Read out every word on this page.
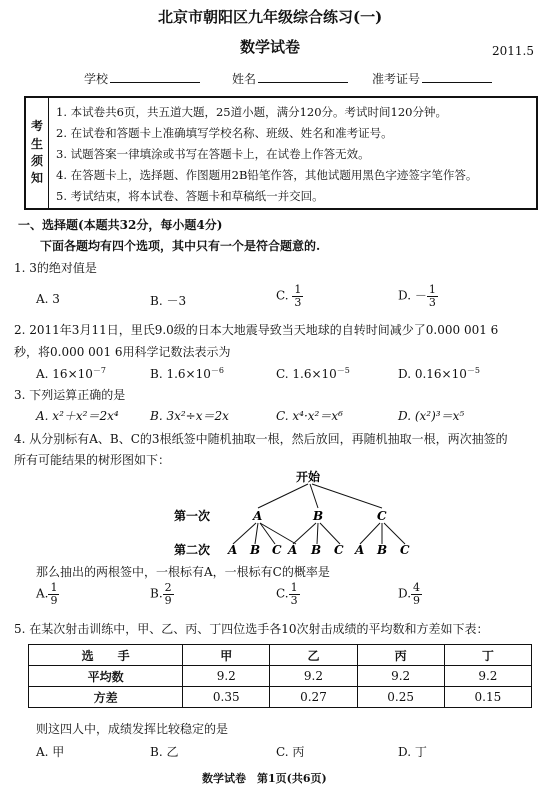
北京市朝阳区九年级综合练习(一)
数学试卷	2011.5
学校	姓名	准考证号
考
生
须
知
1. 本试卷共6页，共五道大题，25道小题，满分120分。考试时间120分钟。
2. 在试卷和答题卡上准确填写学校名称、班级、姓名和准考证号。
3. 试题答案一律填涂或书写在答题卡上，在试卷上作答无效。
4. 在答题卡上，选择题、作图题用2B铅笔作答，其他试题用黑色字迹签字笔作答。
5. 考试结束，将本试卷、答题卡和草稿纸一并交回。
一、选择题(本题共32分，每小题4分)
下面各题均有四个选项，其中只有一个是符合题意的.
1. 3的绝对值是
A. 3	B. －3	C. $\frac{1}{3}$	D. － $\frac{1}{3}$
2. 2011年3月11日，里氏9.0级的日本大地震导致当天地球的自转时间减少了0.000 001 6
秒，将0.000 001 6用科学记数法表示为
A. $16\times 10^{-7}$	B. $1.6\times 10^{-6}$	C. $1.6\times 10^{-5}$	D. $0.16\times 10^{-5}$
3. 下列运算正确的是
A. x²＋x²＝2x⁴	B. 3x²÷x＝2x	C. x⁴·x²＝x⁶	D. (x²)³＝x⁵
4. 从分别标有A、B、C的3根纸签中随机抽取一根，然后放回，再随机抽取一根，两次抽签的
所有可能结果的树形图如下：
开始
第一次
第二次
A	B	C
A B C A B C A B C
那么抽出的两根签中，一根标有A，一根标有C的概率是
A. $\frac{1}{9}$	B. $\frac{2}{9}$	C. $\frac{1}{3}$	D. $\frac{4}{9}$
5. 在某次射击训练中，甲、乙、丙、丁四位选手各10次射击成绩的平均数和方差如下表：
选　　手	甲	乙	丙	丁
平均数	9.2	9.2	9.2	9.2
方差	0.35	0.27	0.25	0.15
则这四人中，成绩发挥比较稳定的是
A. 甲	B. 乙	C. 丙	D. 丁
数学试卷　第1页(共6页)
